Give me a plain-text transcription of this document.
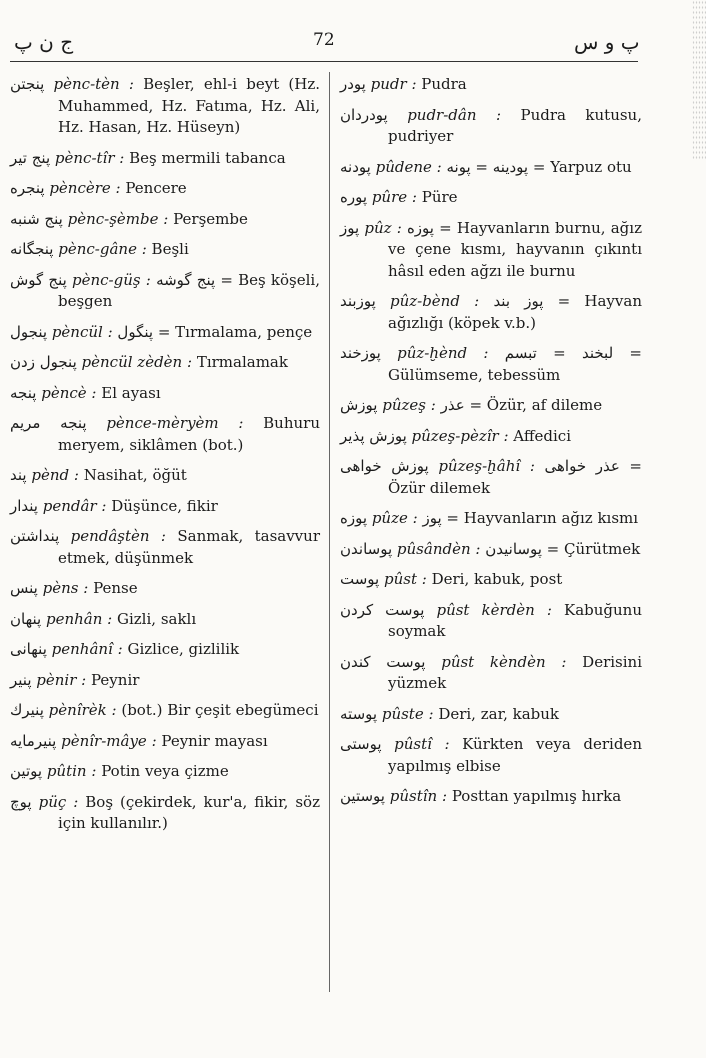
ج ن پ	72	پ و س
پنجتن pènc-tèn : Beşler, ehl-i beyt (Hz. Muhammed, Hz. Fatıma, Hz. Ali, Hz. Hasan, Hz. Hüseyn)
پنج تیر pènc-tîr : Beş mermili tabanca
پنجره pèncère : Pencere
پنج شنبه pènc-şèmbe : Perşembe
پنجگانه pènc-gâne : Beşli
پنج گوش pènc-güş : پنج گوشه = Beş köşeli, beşgen
پنجول pèncül : پنگول = Tırmalama, pençe
پنجول زدن pèncül zèdèn : Tırmalamak
پنجه pèncè : El ayası
پنجه مریم pènce-mèryèm : Buhuru meryem, siklâmen (bot.)
پند pènd : Nasihat, öğüt
پندار pendâr : Düşünce, fikir
پنداشتن pendâştèn : Sanmak, tasavvur etmek, düşünmek
پنس pèns : Pense
پنهان penhân : Gizli, saklı
پنهانی penhânî : Gizlice, gizlilik
پنیر pènir : Peynir
پنیرك pènîrèk : (bot.) Bir çeşit ebegümeci
پنیرمایه pènîr-mâye : Peynir mayası
پوتین pûtin : Potin veya çizme
پوچ püç : Boş (çekirdek, kur'a, fikir, söz için kullanılır.)
پودر pudr : Pudra
پودردان pudr-dân : Pudra kutusu, pudriyer
پودنه pûdene : پودینه = پونه = Yarpuz otu
پوره pûre : Püre
پوز pûz : پوزه = Hayvanların burnu, ağız ve çene kısmı, hayvanın çıkıntı hâsıl eden ağzı ile burnu
پوزبند pûz-bènd : پوز بند = Hayvan ağızlığı (köpek v.b.)
پوزخند pûz-ḫènd : لبخند = تبسم = Gülümseme, tebessüm
پوزش pûzeş : عذر = Özür, af dileme
پوزش پذیر pûzeş-pèzîr : Affedici
پوزش خواهی pûzeş-ḫâhî : عذر خواهی = Özür dilemek
پوزه pûze : پوز = Hayvanların ağız kısmı
پوساندن pûsândèn : پوسانیدن = Çürütmek
پوست pûst : Deri, kabuk, post
پوست کردن pûst kèrdèn : Kabuğunu soymak
پوست کندن pûst kèndèn : Derisini yüzmek
پوسته pûste : Deri, zar, kabuk
پوستی pûstî : Kürkten veya deriden yapılmış elbise
پوستین pûstîn : Posttan yapılmış hırka
